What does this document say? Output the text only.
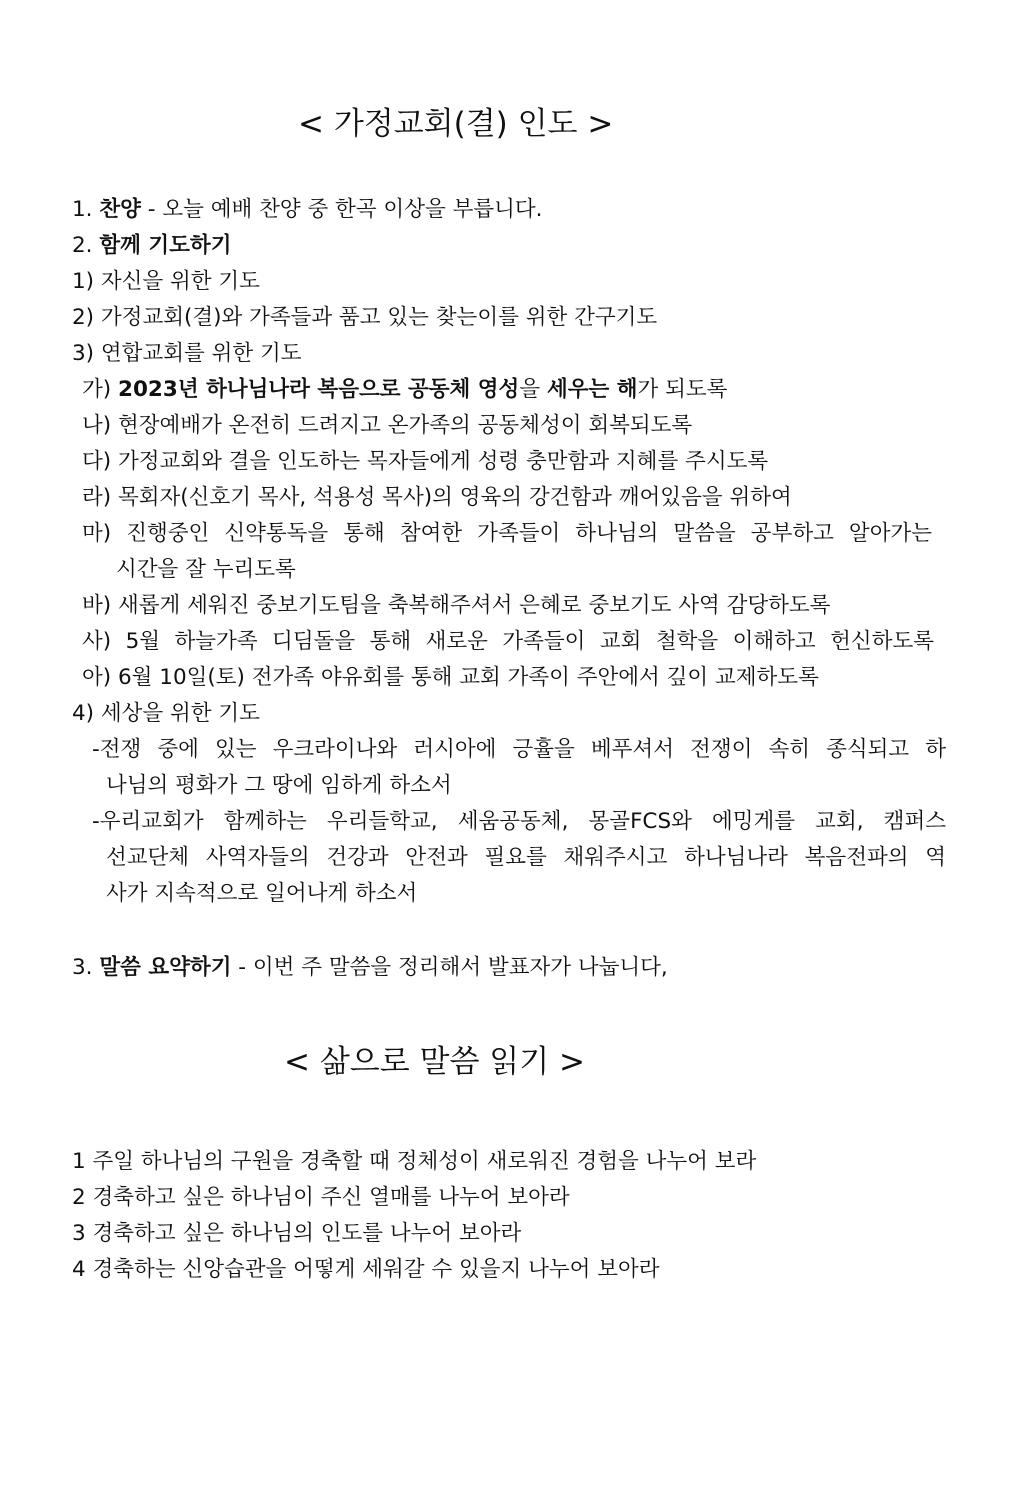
< 가정교회(결) 인도 >
1. 찬양 - 오늘 예배 찬양 중 한곡 이상을 부릅니다.
2. 함께 기도하기
1) 자신을 위한 기도
2) 가정교회(결)와 가족들과 품고 있는 찾는이를 위한 간구기도
3) 연합교회를 위한 기도
가) 2023년 하나님나라 복음으로 공동체 영성을 세우는 해가 되도록
나) 현장예배가 온전히 드려지고 온가족의 공동체성이 회복되도록
다) 가정교회와 결을 인도하는 목자들에게 성령 충만함과 지혜를 주시도록
라) 목회자(신호기 목사, 석용성 목사)의 영육의 강건함과 깨어있음을 위하여
마) 진행중인 신약통독을 통해 참여한 가족들이 하나님의 말씀을 공부하고 알아가는
시간을 잘 누리도록
바) 새롭게 세워진 중보기도팀을 축복해주셔서 은혜로 중보기도 사역 감당하도록
사) 5월 하늘가족 디딤돌을 통해 새로운 가족들이 교회 철학을 이해하고 헌신하도록
아) 6월 10일(토) 전가족 야유회를 통해 교회 가족이 주안에서 깊이 교제하도록
4) 세상을 위한 기도
-전쟁 중에 있는 우크라이나와 러시아에 긍휼을 베푸셔서 전쟁이 속히 종식되고 하
나님의 평화가 그 땅에 임하게 하소서
-우리교회가 함께하는 우리들학교, 세움공동체, 몽골FCS와 에밍게를 교회, 캠퍼스
선교단체 사역자들의 건강과 안전과 필요를 채워주시고 하나님나라 복음전파의 역
사가 지속적으로 일어나게 하소서
3. 말씀 요약하기 - 이번 주 말씀을 정리해서 발표자가 나눕니다,
< 삶으로 말씀 읽기 >
1 주일 하나님의 구원을 경축할 때 정체성이 새로워진 경험을 나누어 보라
2 경축하고 싶은 하나님이 주신 열매를 나누어 보아라
3 경축하고 싶은 하나님의 인도를 나누어 보아라
4 경축하는 신앙습관을 어떻게 세워갈 수 있을지 나누어 보아라
